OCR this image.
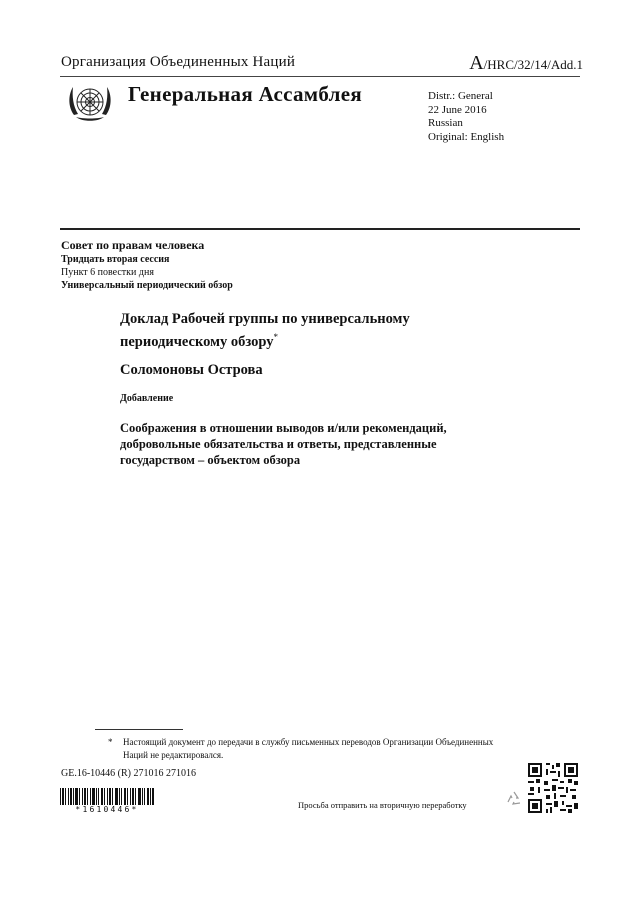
Организация Объединенных Наций	A/HRC/32/14/Add.1
Генеральная Ассамблея	Distr.: General
22 June 2016
Russian
Original: English
Совет по правам человека
Тридцать вторая сессия
Пункт 6 повестки дня
Универсальный периодический обзор
Доклад Рабочей группы по универсальному периодическому обзору*
Соломоновы Острова
Добавление
Соображения в отношении выводов и/или рекомендаций, добровольные обязательства и ответы, представленные государством – объектом обзора
*	Настоящий документ до передачи в службу письменных переводов Организации Объединенных Наций не редактировался.
GE.16-10446 (R) 271016 271016
*1610446*	Просьба отправить на вторичную переработку
